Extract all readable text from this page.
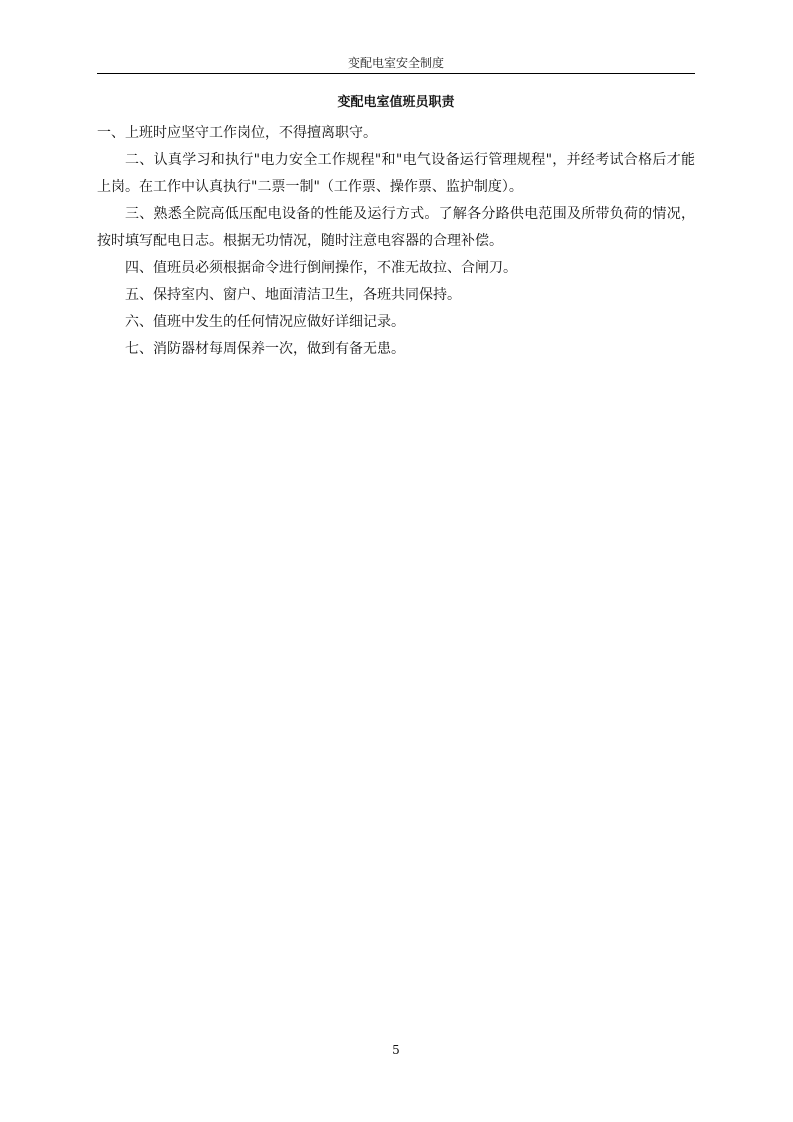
变配电室安全制度
变配电室值班员职责

一、上班时应坚守工作岗位，不得擅离职守。

二、认真学习和执行"电力安全工作规程"和"电气设备运行管理规程"，并经考试合格后才能上岗。在工作中认真执行"二票一制"（工作票、操作票、监护制度）。

三、熟悉全院高低压配电设备的性能及运行方式。了解各分路供电范围及所带负荷的情况，按时填写配电日志。根据无功情况，随时注意电容器的合理补偿。

四、值班员必须根据命令进行倒闸操作，不准无故拉、合闸刀。

五、保持室内、窗户、地面清洁卫生，各班共同保持。

六、值班中发生的任何情况应做好详细记录。

七、消防器材每周保养一次，做到有备无患。

5
